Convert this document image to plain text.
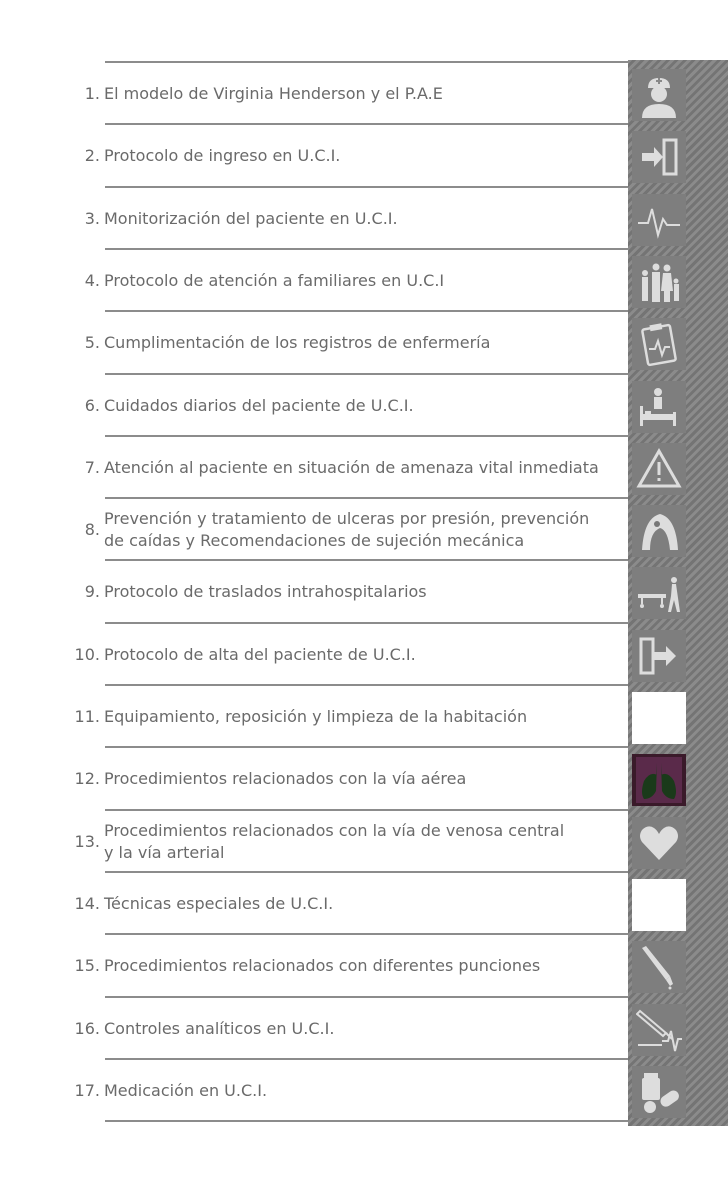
1. El modelo de Virginia Henderson y el P.A.E
2. Protocolo de ingreso en U.C.I.
3. Monitorización del paciente en U.C.I.
4. Protocolo de atención a familiares en U.C.I
5. Cumplimentación de los registros de enfermería
6. Cuidados diarios del paciente de U.C.I.
7. Atención al paciente en situación de amenaza vital inmediata
8.
Prevención y tratamiento de ulceras por presión, prevención
de caídas y Recomendaciones de sujeción mecánica
9. Protocolo de traslados intrahospitalarios
10. Protocolo de alta del paciente de U.C.I.
11. Equipamiento, reposición y limpieza de la habitación
12. Procedimientos relacionados con la vía aérea
13.
Procedimientos relacionados con la vía de venosa central
y la vía arterial
14. Técnicas especiales de U.C.I.
15. Procedimientos relacionados con diferentes punciones
16. Controles analíticos en U.C.I.
17. Medicación en U.C.I.
